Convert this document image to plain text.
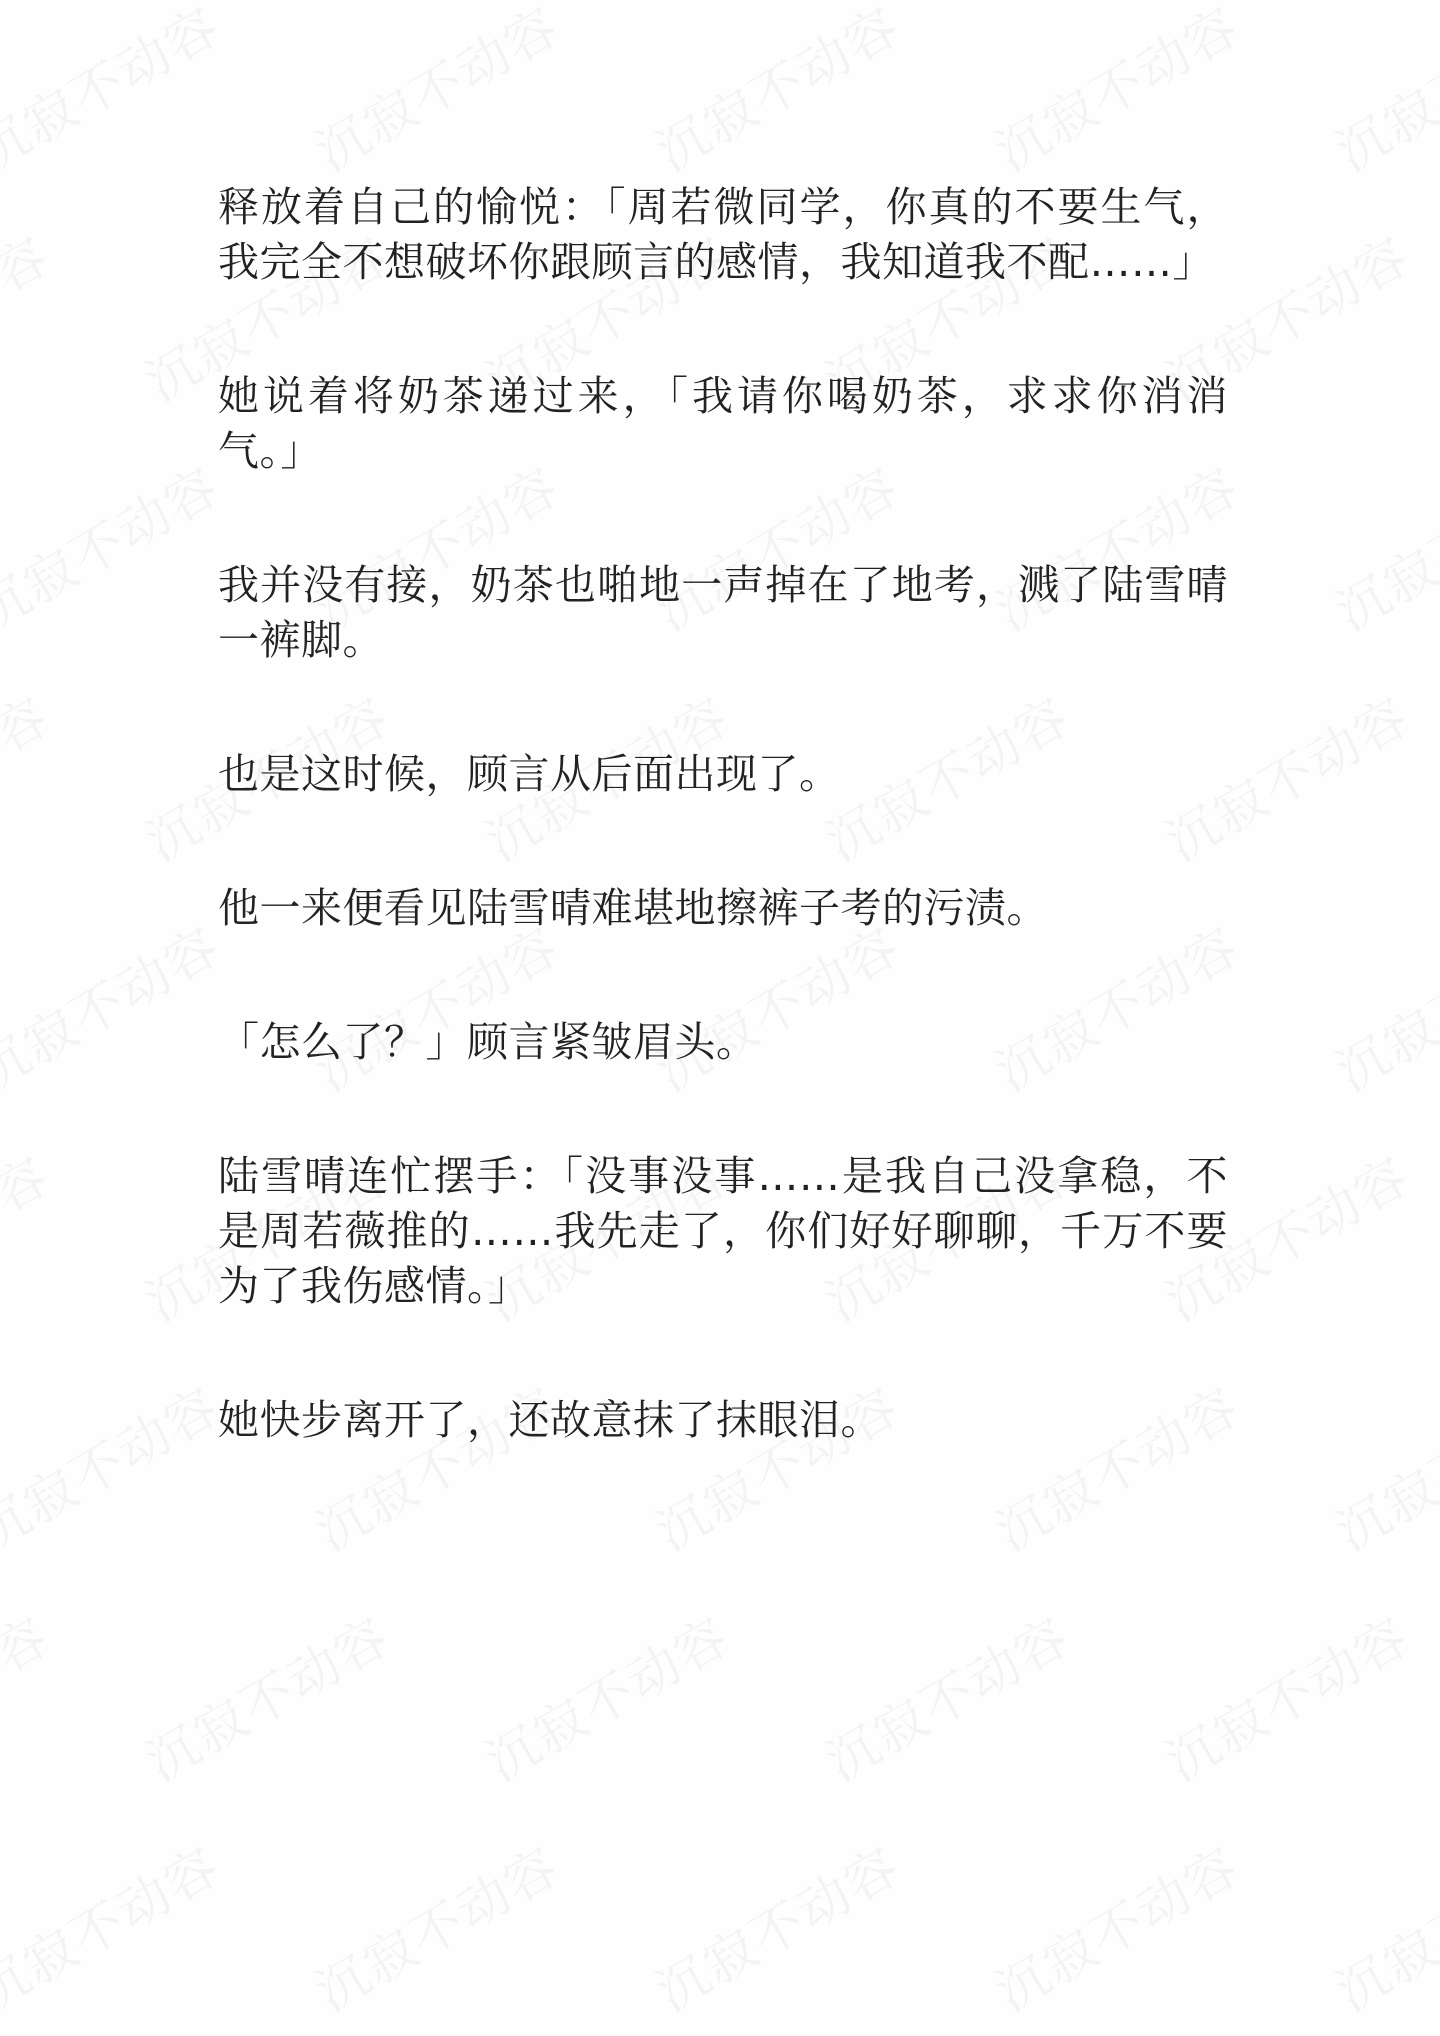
释放着自己的愉悦：「周若微同学，你真的不要生气，我完全不想破坏你跟顾言的感情，我知道我不配……」

她说着将奶茶递过来，「我请你喝奶茶，求求你消消气。」

我并没有接，奶茶也啪地一声掉在了地考，溅了陆雪晴一裤脚。

也是这时候，顾言从后面出现了。

他一来便看见陆雪晴难堪地擦裤子考的污渍。

「怎么了？」顾言紧皱眉头。

陆雪晴连忙摆手：「没事没事……是我自己没拿稳，不是周若薇推的……我先走了，你们好好聊聊，千万不要为了我伤感情。」

她快步离开了，还故意抹了抹眼泪。
